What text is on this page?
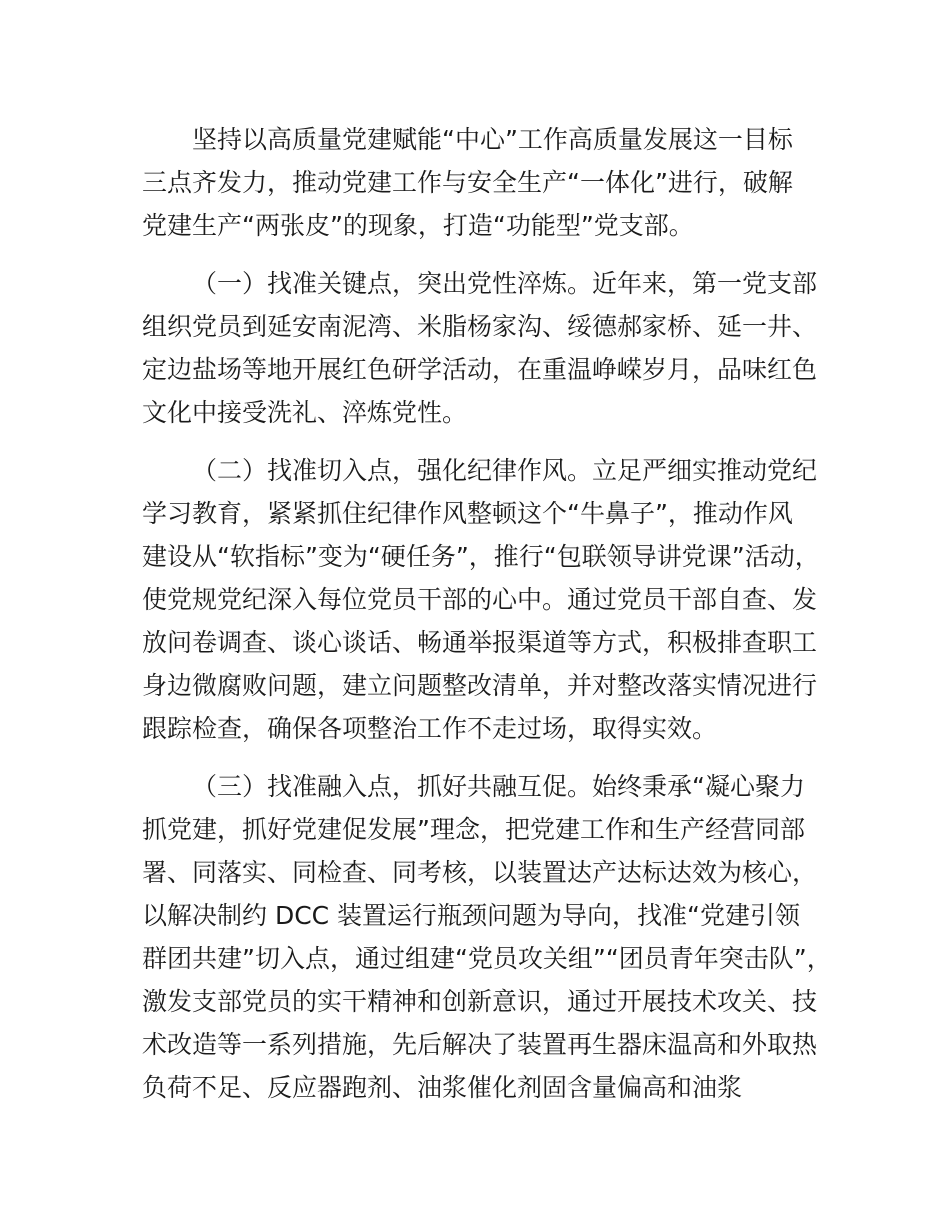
坚持以高质量党建赋能“中心”工作高质量发展这一目标
三点齐发力，推动党建工作与安全生产“一体化”进行，破解
党建生产“两张皮”的现象，打造“功能型”党支部。
（一）找准关键点，突出党性淬炼。近年来，第一党支部
组织党员到延安南泥湾、米脂杨家沟、绥德郝家桥、延一井、
定边盐场等地开展红色研学活动，在重温峥嵘岁月，品味红色
文化中接受洗礼、淬炼党性。
（二）找准切入点，强化纪律作风。立足严细实推动党纪
学习教育，紧紧抓住纪律作风整顿这个“牛鼻子”，推动作风
建设从“软指标”变为“硬任务”，推行“包联领导讲党课”活动，
使党规党纪深入每位党员干部的心中。通过党员干部自查、发
放问卷调查、谈心谈话、畅通举报渠道等方式，积极排查职工
身边微腐败问题，建立问题整改清单，并对整改落实情况进行
跟踪检查，确保各项整治工作不走过场，取得实效。
（三）找准融入点，抓好共融互促。始终秉承“凝心聚力
抓党建，抓好党建促发展”理念，把党建工作和生产经营同部
署、同落实、同检查、同考核，以装置达产达标达效为核心，
以解决制约 DCC 装置运行瓶颈问题为导向，找准“党建引领
群团共建”切入点，通过组建“党员攻关组”“团员青年突击队”，
激发支部党员的实干精神和创新意识，通过开展技术攻关、技
术改造等一系列措施，先后解决了装置再生器床温高和外取热
负荷不足、反应器跑剂、油浆催化剂固含量偏高和油浆
